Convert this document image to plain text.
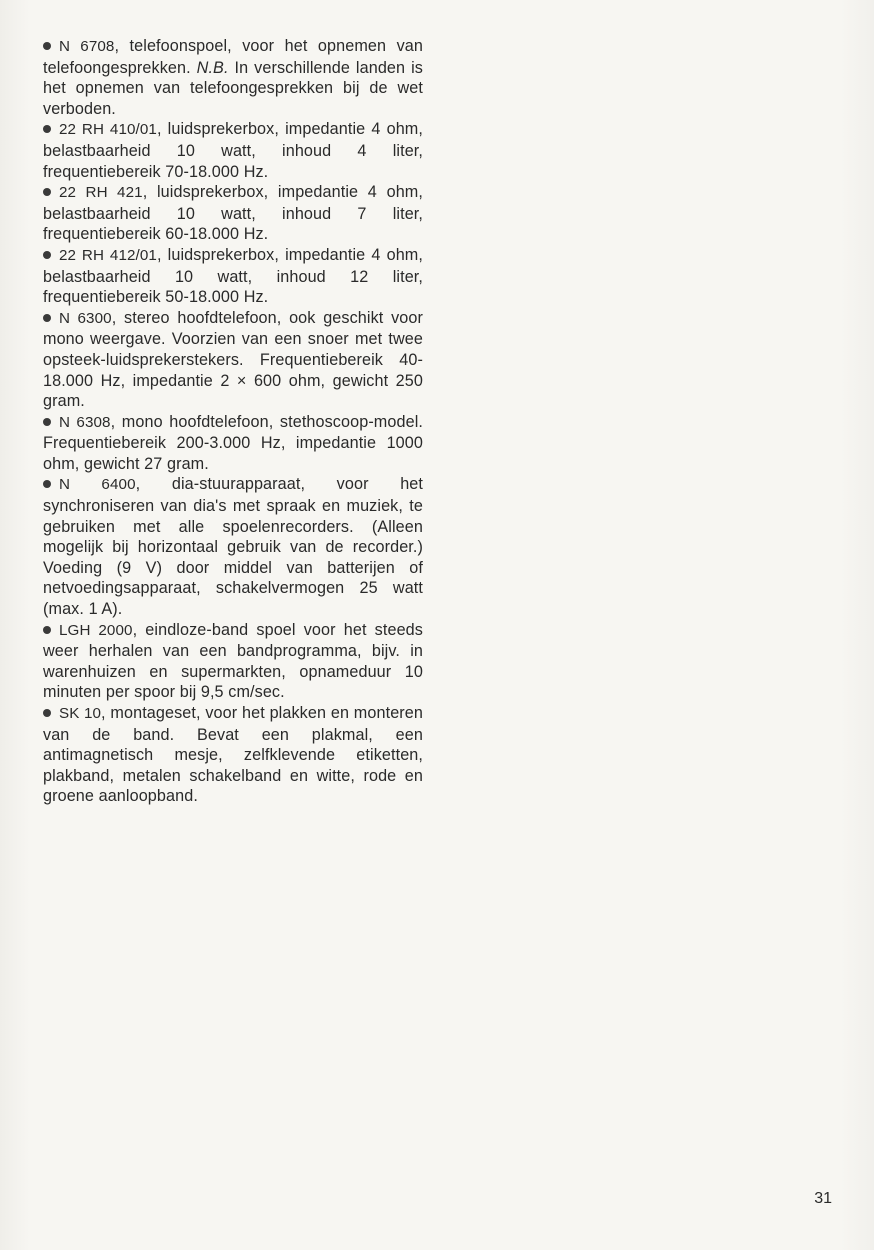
N 6708, telefoonspoel, voor het opnemen van telefoongesprekken. N.B. In verschillende landen is het opnemen van telefoongesprekken bij de wet verboden.

22 RH 410/01, luidsprekerbox, impedantie 4 ohm, belastbaarheid 10 watt, inhoud 4 liter, frequentiebereik 70-18.000 Hz.

22 RH 421, luidsprekerbox, impedantie 4 ohm, belastbaarheid 10 watt, inhoud 7 liter, frequentiebereik 60-18.000 Hz.

22 RH 412/01, luidsprekerbox, impedantie 4 ohm, belastbaarheid 10 watt, inhoud 12 liter, frequentiebereik 50-18.000 Hz.

N 6300, stereo hoofdtelefoon, ook geschikt voor mono weergave. Voorzien van een snoer met twee opsteek-luidsprekerstekers. Frequentiebereik 40-18.000 Hz, impedantie 2 × 600 ohm, gewicht 250 gram.

N 6308, mono hoofdtelefoon, stethoscoop-model. Frequentiebereik 200-3.000 Hz, impedantie 1000 ohm, gewicht 27 gram.

N 6400, dia-stuurapparaat, voor het synchroniseren van dia's met spraak en muziek, te gebruiken met alle spoelenrecorders. (Alleen mogelijk bij horizontaal gebruik van de recorder.) Voeding (9 V) door middel van batterijen of netvoedingsapparaat, schakelvermogen 25 watt (max. 1 A).

LGH 2000, eindloze-band spoel voor het steeds weer herhalen van een bandprogramma, bijv. in warenhuizen en supermarkten, opnameduur 10 minuten per spoor bij 9,5 cm/sec.

SK 10, montageset, voor het plakken en monteren van de band. Bevat een plakmal, een antimagnetisch mesje, zelfklevende etiketten, plakband, metalen schakelband en witte, rode en groene aanloopband.

31
